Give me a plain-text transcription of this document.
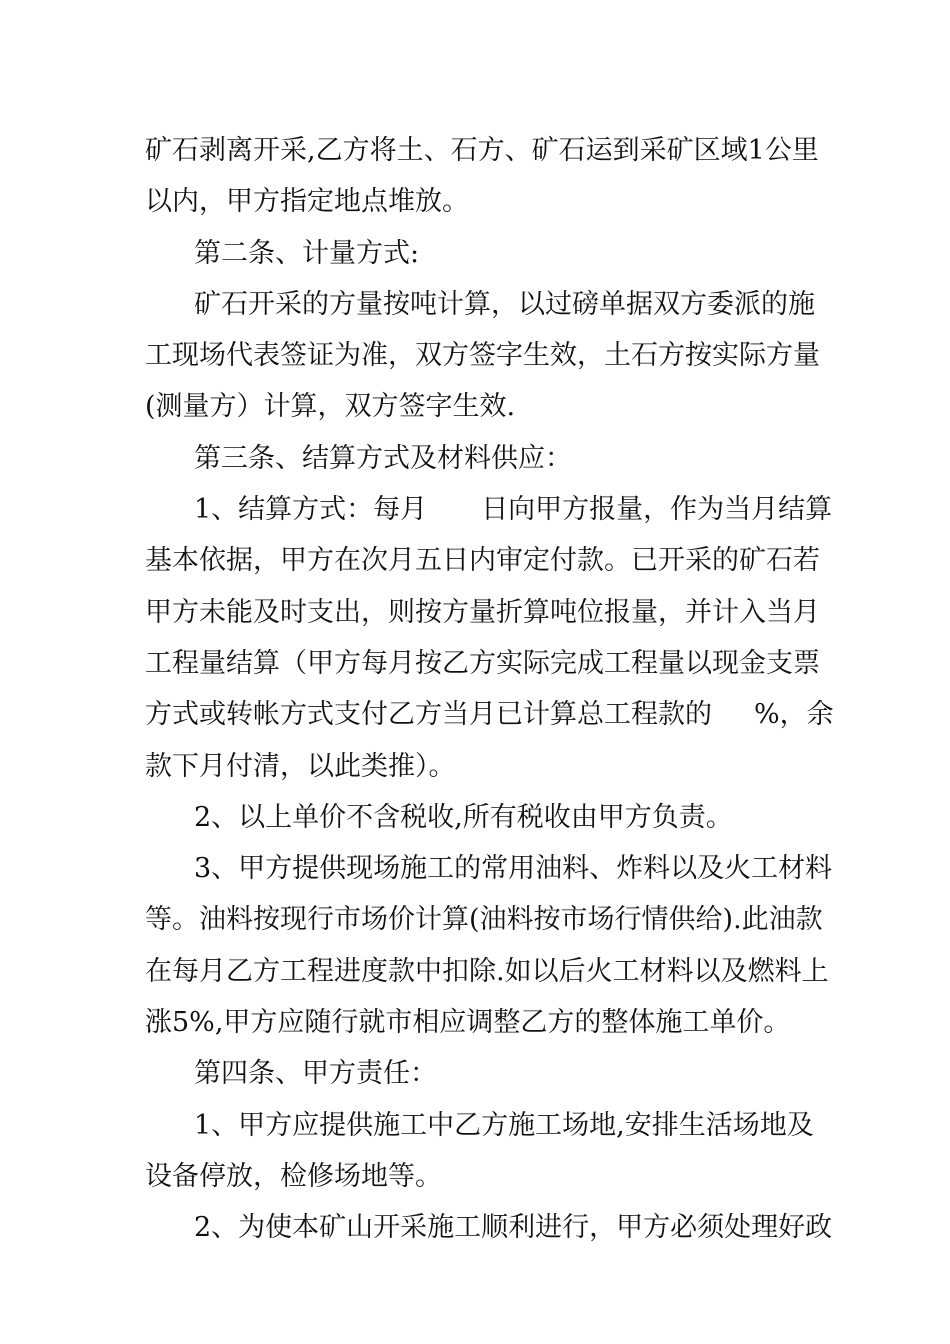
矿石剥离开采,乙方将土、石方、矿石运到采矿区域1公里
以内，甲方指定地点堆放。
第二条、计量方式:
矿石开采的方量按吨计算，以过磅单据双方委派的施
工现场代表签证为准，双方签字生效，土石方按实际方量
(测量方）计算，双方签字生效.
第三条、结算方式及材料供应：
1、结算方式：每月 日向甲方报量，作为当月结算
基本依据，甲方在次月五日内审定付款。已开采的矿石若
甲方未能及时支出，则按方量折算吨位报量，并计入当月
工程量结算（甲方每月按乙方实际完成工程量以现金支票
方式或转帐方式支付乙方当月已计算总工程款的 %，余
款下月付清，以此类推）。
2、以上单价不含税收,所有税收由甲方负责。
3、甲方提供现场施工的常用油料、炸料以及火工材料
等。油料按现行市场价计算(油料按市场行情供给).此油款
在每月乙方工程进度款中扣除.如以后火工材料以及燃料上
涨5%,甲方应随行就市相应调整乙方的整体施工单价。
第四条、甲方责任：
1、甲方应提供施工中乙方施工场地,安排生活场地及
设备停放，检修场地等。
2、为使本矿山开采施工顺利进行，甲方必须处理好政
